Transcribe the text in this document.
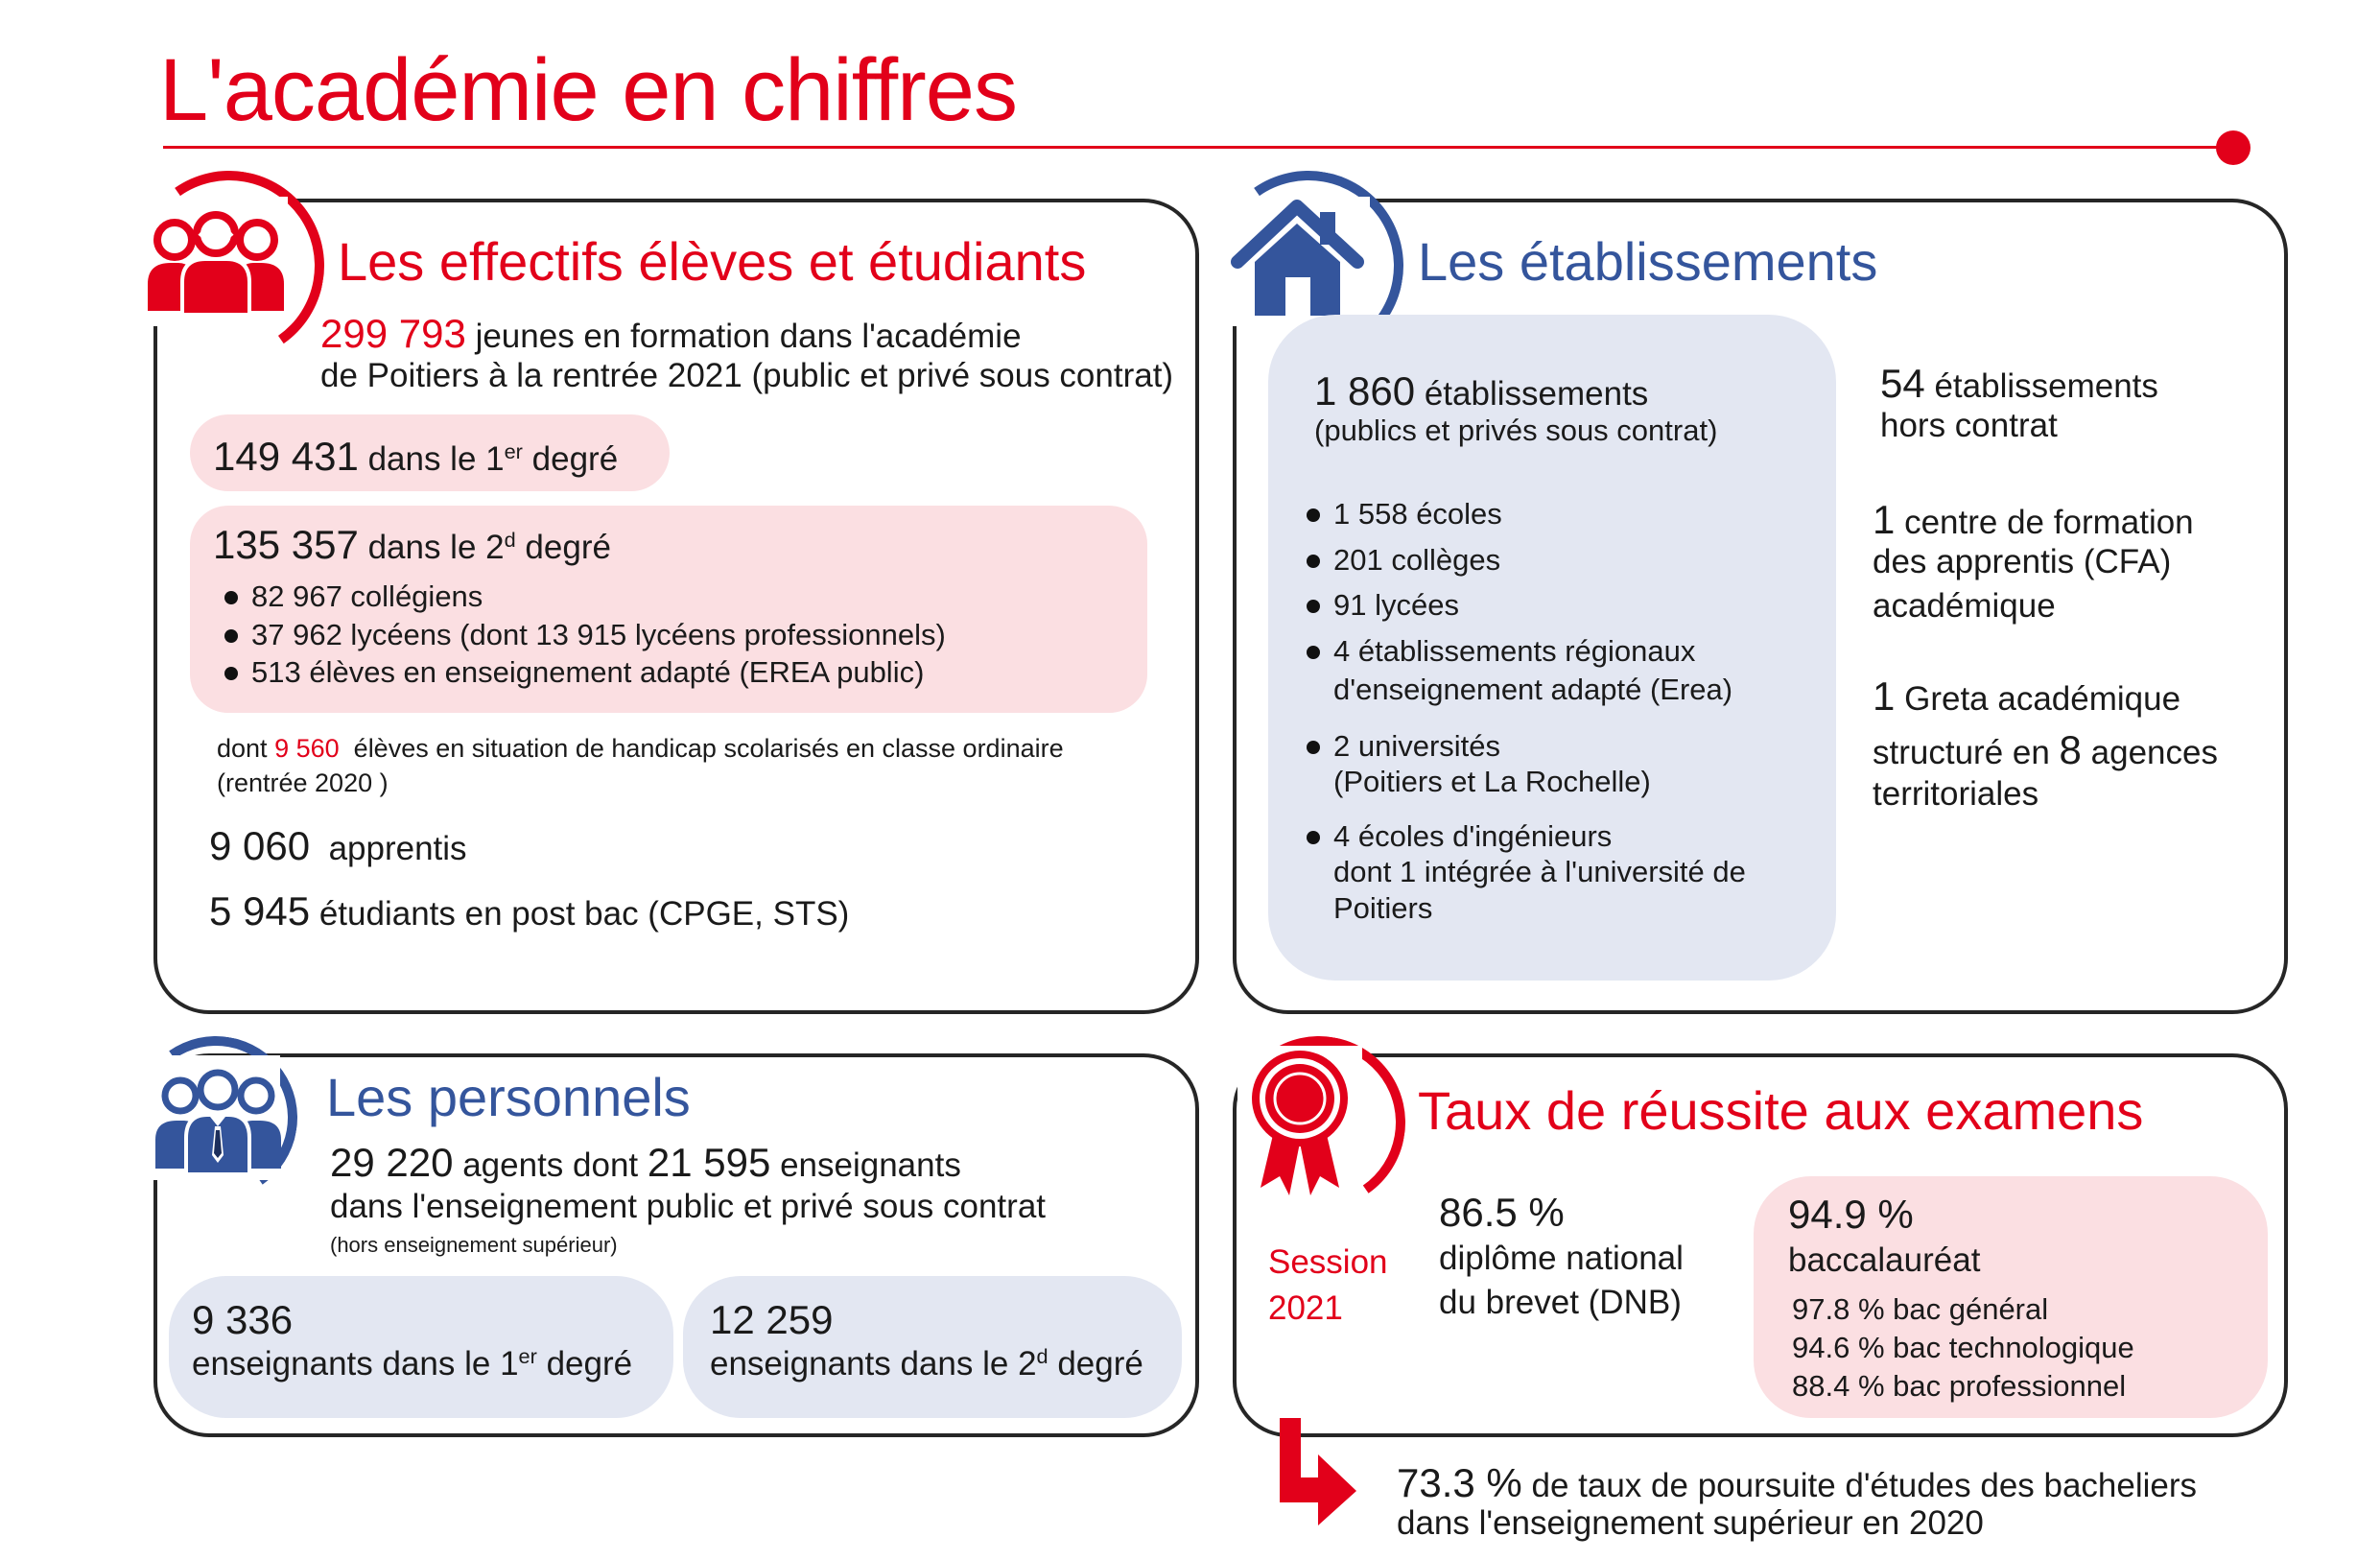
L'académie en chiffres
Les effectifs élèves et étudiants
299 793 jeunes en formation dans l'académie
de Poitiers à la rentrée 2021 (public et privé sous contrat)
149 431 dans le 1er degré
135 357 dans le 2$^d$ degré
82 967 collégiens
37 962 lycéens (dont 13 915 lycéens professionnels)
513 élèves en enseignement adapté (EREA public)
dont 9 560 élèves en situation de handicap scolarisés en classe ordinaire
(rentrée 2020 )
9 060 apprentis
5 945 étudiants en post bac (CPGE, STS)
Les établissements
1 860 établissements
(publics et privés sous contrat)
1 558 écoles
201 collèges
91 lycées
4 établissements régionaux
d'enseignement adapté (Erea)
2 universités
(Poitiers et La Rochelle)
4 écoles d'ingénieurs
dont 1 intégrée à l'université de
Poitiers
54 établissements
hors contrat
1 centre de formation
des apprentis (CFA)
académique
1 Greta académique
structuré en 8 agences
territoriales
Les personnels
29 220 agents dont 21 595 enseignants
dans l'enseignement public et privé sous contrat
(hors enseignement supérieur)
9 336
enseignants dans le 1er degré
12 259
enseignants dans le 2$^d$ degré
Taux de réussite aux examens
Session
2021
86.5 %
diplôme national
du brevet (DNB)
94.9 %
baccalauréat
97.8 % bac général
94.6 % bac technologique
88.4 % bac professionnel
73.3 % de taux de poursuite d'études des bacheliers
dans l'enseignement supérieur en 2020
